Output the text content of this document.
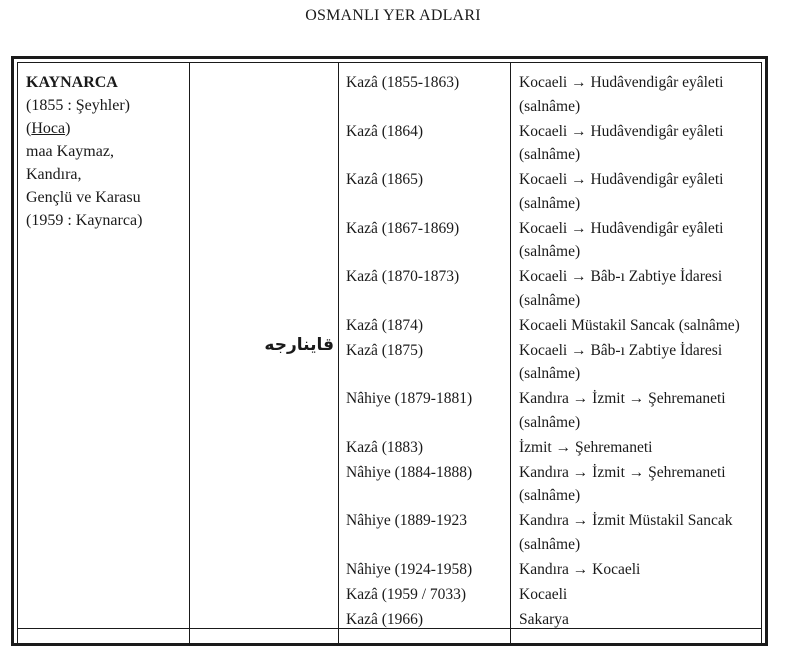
OSMANLI YER ADLARI
KAYNARCA
(1855 : Şeyhler)
(Hoca)
maa Kaymaz,
Kandıra,
Gençlü ve Karasu
(1959 : Kaynarca)
قاينارجه
Kazâ (1855-1863)	Kocaeli → Hudâvendigâr eyâleti (salnâme)
Kazâ (1864)	Kocaeli → Hudâvendigâr eyâleti (salnâme)
Kazâ (1865)	Kocaeli → Hudâvendigâr eyâleti (salnâme)
Kazâ (1867-1869)	Kocaeli → Hudâvendigâr eyâleti (salnâme)
Kazâ (1870-1873)	Kocaeli → Bâb-ı Zabtiye İdaresi (salnâme)
Kazâ (1874)	Kocaeli Müstakil Sancak (salnâme)
Kazâ (1875)	Kocaeli → Bâb-ı Zabtiye İdaresi (salnâme)
Nâhiye (1879-1881)	Kandıra → İzmit → Şehremaneti (salnâme)
Kazâ (1883)	İzmit → Şehremaneti
Nâhiye (1884-1888)	Kandıra → İzmit → Şehremaneti (salnâme)
Nâhiye (1889-1923	Kandıra → İzmit Müstakil Sancak (salnâme)
Nâhiye (1924-1958)	Kandıra → Kocaeli
Kazâ (1959 / 7033)	Kocaeli
Kazâ (1966)	Sakarya
